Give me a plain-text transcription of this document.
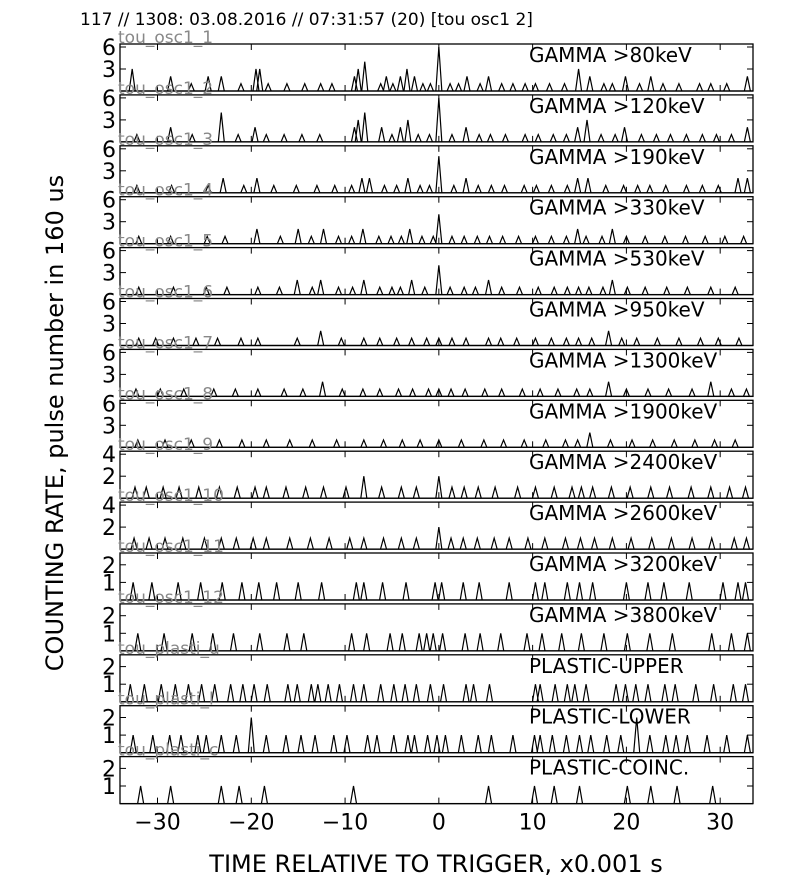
117 // 1308: 03.08.2016 // 07:31:57 (20) [tou osc1 2]
COUNTING RATE, pulse number in 160 us
3
6	GAMMA >80keV
tou_osc1_1
3
6	GAMMA >120keV
tou_osc1_2
3
6	GAMMA >190keV
tou_osc1_3
3
6	GAMMA >330keV
tou_osc1_4
3
6	GAMMA >530keV
tou_osc1_5
3
6	GAMMA >950keV
tou_osc1_6
3
6	GAMMA >1300keV
tou_osc1_7
3
6	GAMMA >1900keV
tou_osc1_8
2
4	GAMMA >2400keV
tou_osc1_9
2
4	GAMMA >2600keV
tou_osc1_10
1
2	GAMMA >3200keV
tou_osc1_11
1
2	GAMMA >3800keV
tou_osc1_12
1
2	PLASTIC-UPPER
tou_plasti_u
1
2	PLASTIC-LOWER
tou_plasti_l
1
2	PLASTIC-COINC.
tou_plasti_c
−30 −20 −10	0	10	20	30
TIME RELATIVE TO TRIGGER, x0.001 s
